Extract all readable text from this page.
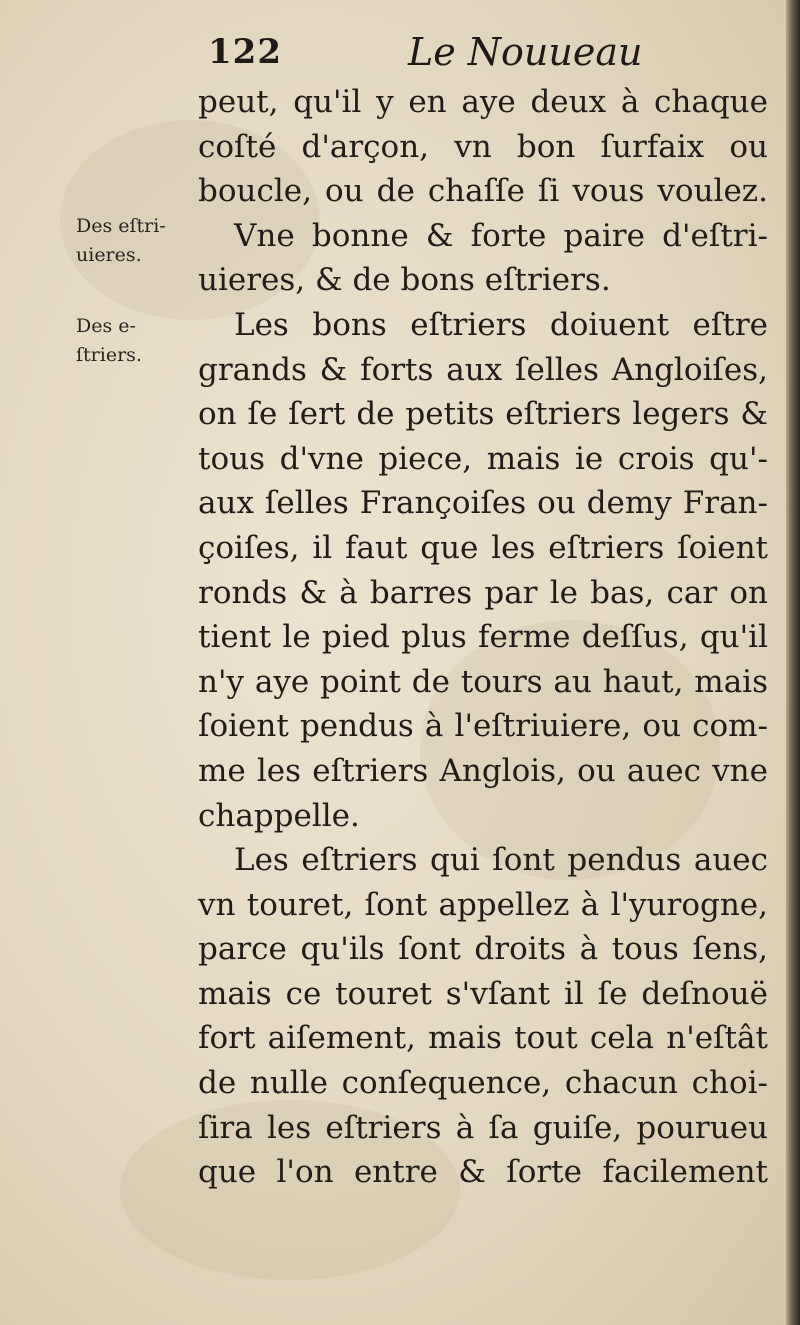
122	Le Nouueau
Des eſtri-
uieres.
Des e-
ſtriers.
peut, qu'il y en aye deux à chaque
coſté d'arçon, vn bon ſurfaix ou
boucle, ou de chaſſe ſi vous voulez.
Vne bonne & forte paire d'eſtri-
uieres, & de bons eſtriers.
Les bons eſtriers doiuent eſtre
grands & forts aux ſelles Angloiſes,
on ſe ſert de petits eſtriers legers &
tous d'vne piece, mais ie crois qu'-
aux ſelles Françoiſes ou demy Fran-
çoiſes, il faut que les eſtriers ſoient
ronds & à barres par le bas, car on
tient le pied plus ferme deſſus, qu'il
n'y aye point de tours au haut, mais
ſoient pendus à l'eſtriuiere, ou com-
me les eſtriers Anglois, ou auec vne
chappelle.
Les eſtriers qui ſont pendus auec
vn touret, ſont appellez à l'yurogne,
parce qu'ils ſont droits à tous ſens,
mais ce touret s'vſant il ſe deſnouë
fort aiſement, mais tout cela n'eſtât
de nulle conſequence, chacun choi-
ſira les eſtriers à ſa guiſe, pourueu
que l'on entre & ſorte facilement
